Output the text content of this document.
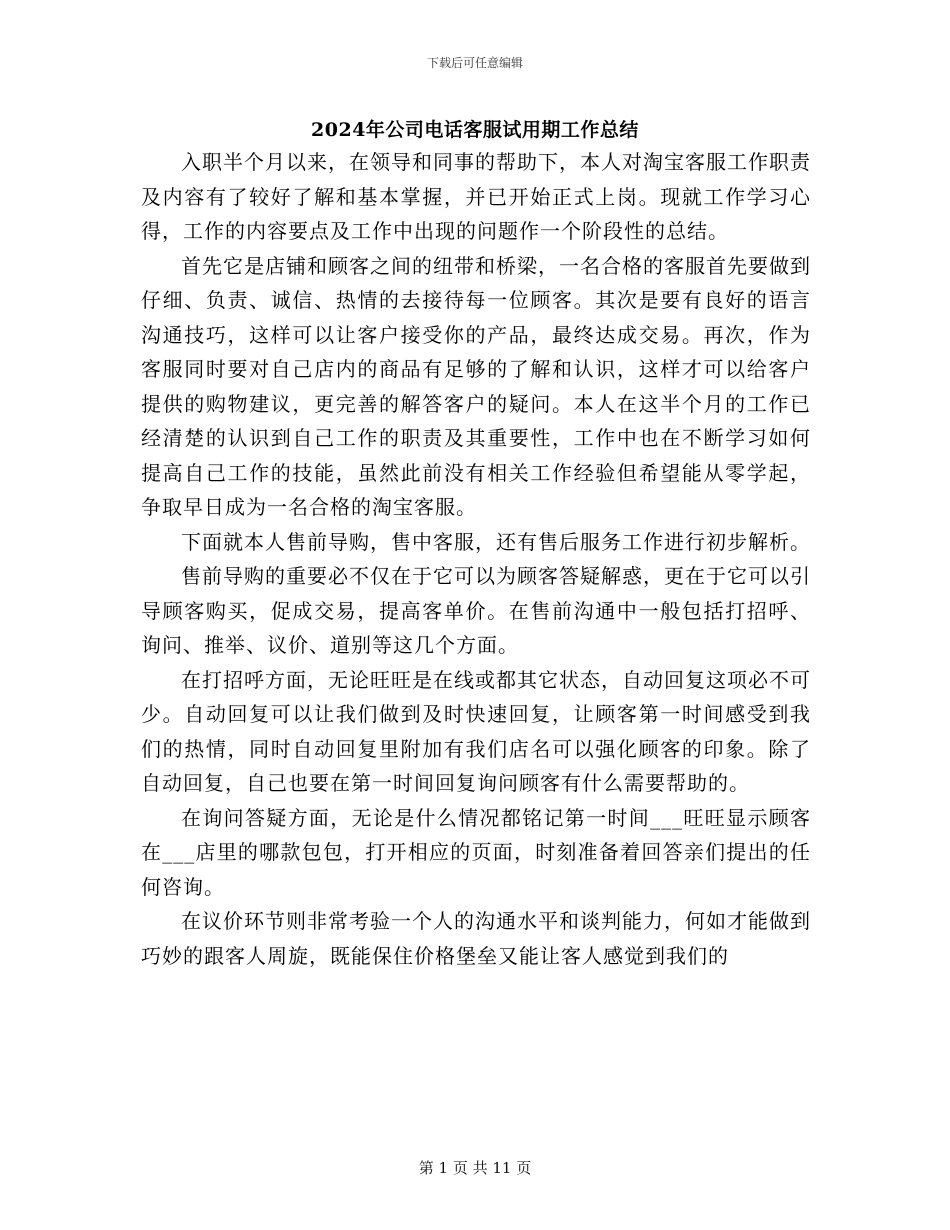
下载后可任意编辑
2024年公司电话客服试用期工作总结

入职半个月以来，在领导和同事的帮助下，本人对淘宝客服工作职责及内容有了较好了解和基本掌握，并已开始正式上岗。现就工作学习心得，工作的内容要点及工作中出现的问题作一个阶段性的总结。

首先它是店铺和顾客之间的纽带和桥梁，一名合格的客服首先要做到仔细、负责、诚信、热情的去接待每一位顾客。其次是要有良好的语言沟通技巧，这样可以让客户接受你的产品，最终达成交易。再次，作为客服同时要对自己店内的商品有足够的了解和认识，这样才可以给客户提供的购物建议，更完善的解答客户的疑问。本人在这半个月的工作已经清楚的认识到自己工作的职责及其重要性，工作中也在不断学习如何提高自己工作的技能，虽然此前没有相关工作经验但希望能从零学起，争取早日成为一名合格的淘宝客服。

下面就本人售前导购，售中客服，还有售后服务工作进行初步解析。

售前导购的重要必不仅在于它可以为顾客答疑解惑，更在于它可以引导顾客购买，促成交易，提高客单价。在售前沟通中一般包括打招呼、询问、推举、议价、道别等这几个方面。

在打招呼方面，无论旺旺是在线或都其它状态，自动回复这项必不可少。自动回复可以让我们做到及时快速回复，让顾客第一时间感受到我们的热情，同时自动回复里附加有我们店名可以强化顾客的印象。除了自动回复，自己也要在第一时间回复询问顾客有什么需要帮助的。

在询问答疑方面，无论是什么情况都铭记第一时间___旺旺显示顾客在___店里的哪款包包，打开相应的页面，时刻准备着回答亲们提出的任何咨询。

在议价环节则非常考验一个人的沟通水平和谈判能力，何如才能做到巧妙的跟客人周旋，既能保住价格堡垒又能让客人感觉到我们的

第 1 页 共 11 页
